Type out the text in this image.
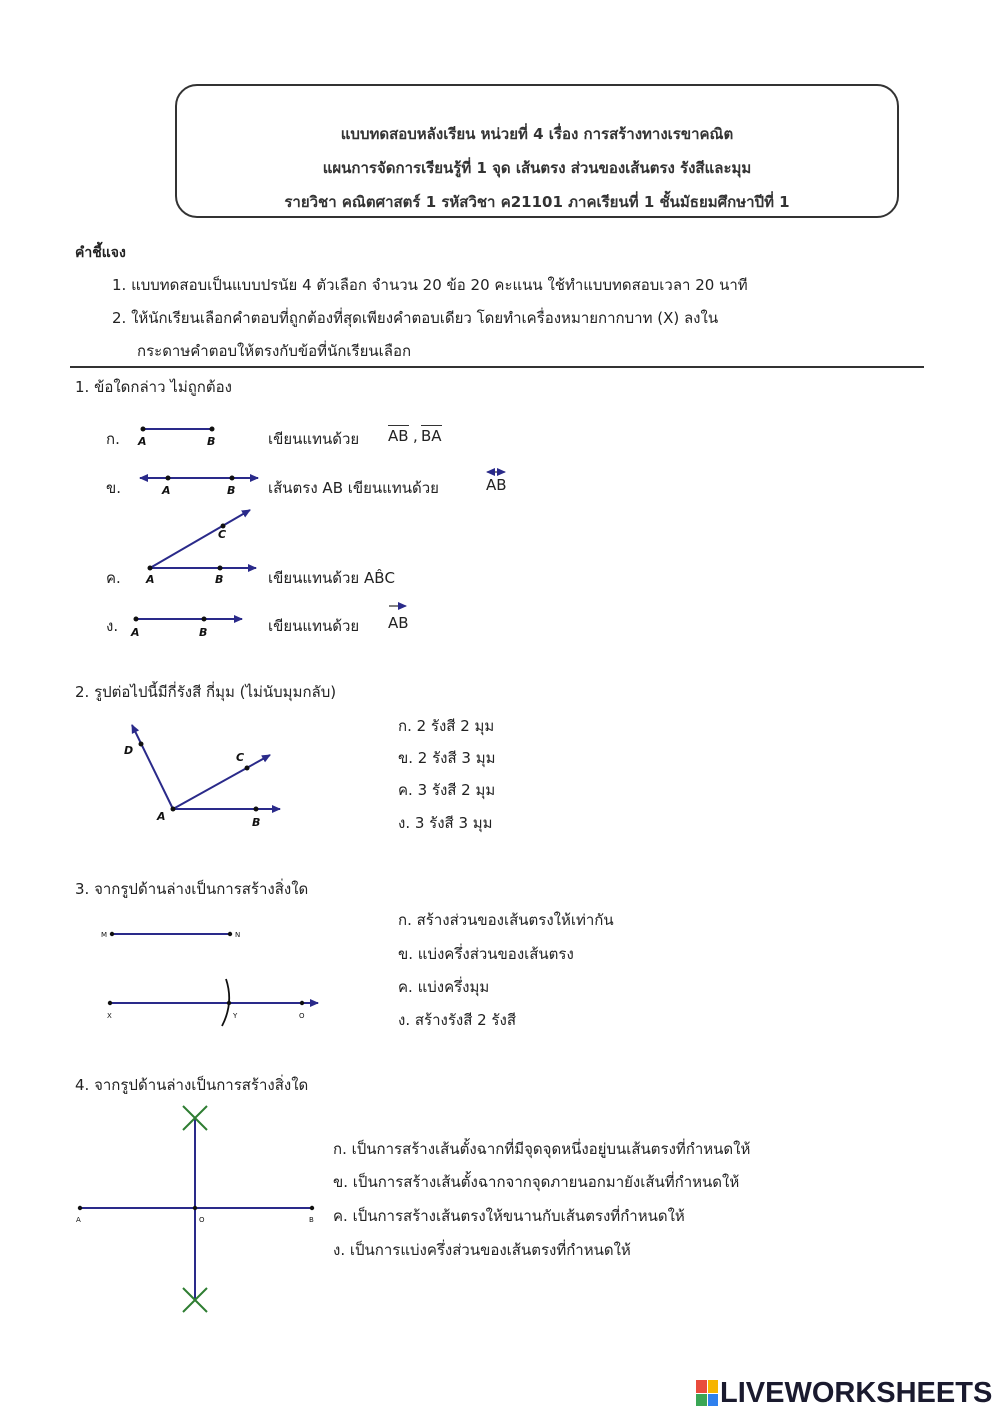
แบบทดสอบหลังเรียน หน่วยที่ 4 เรื่อง การสร้างทางเรขาคณิต
แผนการจัดการเรียนรู้ที่ 1 จุด เส้นตรง ส่วนของเส้นตรง รังสีและมุม
รายวิชา คณิตศาสตร์ 1 รหัสวิชา ค21101 ภาคเรียนที่ 1 ชั้นมัธยมศึกษาปีที่ 1
คำชี้แจง
1. แบบทดสอบเป็นแบบปรนัย 4 ตัวเลือก จำนวน 20 ข้อ 20 คะแนน ใช้ทำแบบทดสอบเวลา 20 นาที
2. ให้นักเรียนเลือกคำตอบที่ถูกต้องที่สุดเพียงคำตอบเดียว โดยทำเครื่องหมายกากบาท (X) ลงใน
กระดาษคำตอบให้ตรงกับข้อที่นักเรียนเลือก
1. ข้อใดกล่าว ไม่ถูกต้อง
ก.	เขียนแทนด้วย AB , BA
ข.	เส้นตรง AB เขียนแทนด้วย	AB
ค.	เขียนแทนด้วย AB̂C
ง.	เขียนแทนด้วย AB
2. รูปต่อไปนี้มีกี่รังสี กี่มุม (ไม่นับมุมกลับ)
ก. 2 รังสี 2 มุม
ข. 2 รังสี 3 มุม
ค. 3 รังสี 2 มุม
ง. 3 รังสี 3 มุม
3. จากรูปด้านล่างเป็นการสร้างสิ่งใด
ก. สร้างส่วนของเส้นตรงให้เท่ากัน
ข. แบ่งครึ่งส่วนของเส้นตรง
ค. แบ่งครึ่งมุม
ง. สร้างรังสี 2 รังสี
4. จากรูปด้านล่างเป็นการสร้างสิ่งใด
ก. เป็นการสร้างเส้นตั้งฉากที่มีจุดจุดหนึ่งอยู่บนเส้นตรงที่กำหนดให้
ข. เป็นการสร้างเส้นตั้งฉากจากจุดภายนอกมายังเส้นที่กำหนดให้
ค. เป็นการสร้างเส้นตรงให้ขนานกับเส้นตรงที่กำหนดให้
ง. เป็นการแบ่งครึ่งส่วนของเส้นตรงที่กำหนดให้
A	B
A	B
A	B
C
A	B
A	B
C
D
M	N
X	Y	O
A	O	B
LIVEWORKSHEETS
